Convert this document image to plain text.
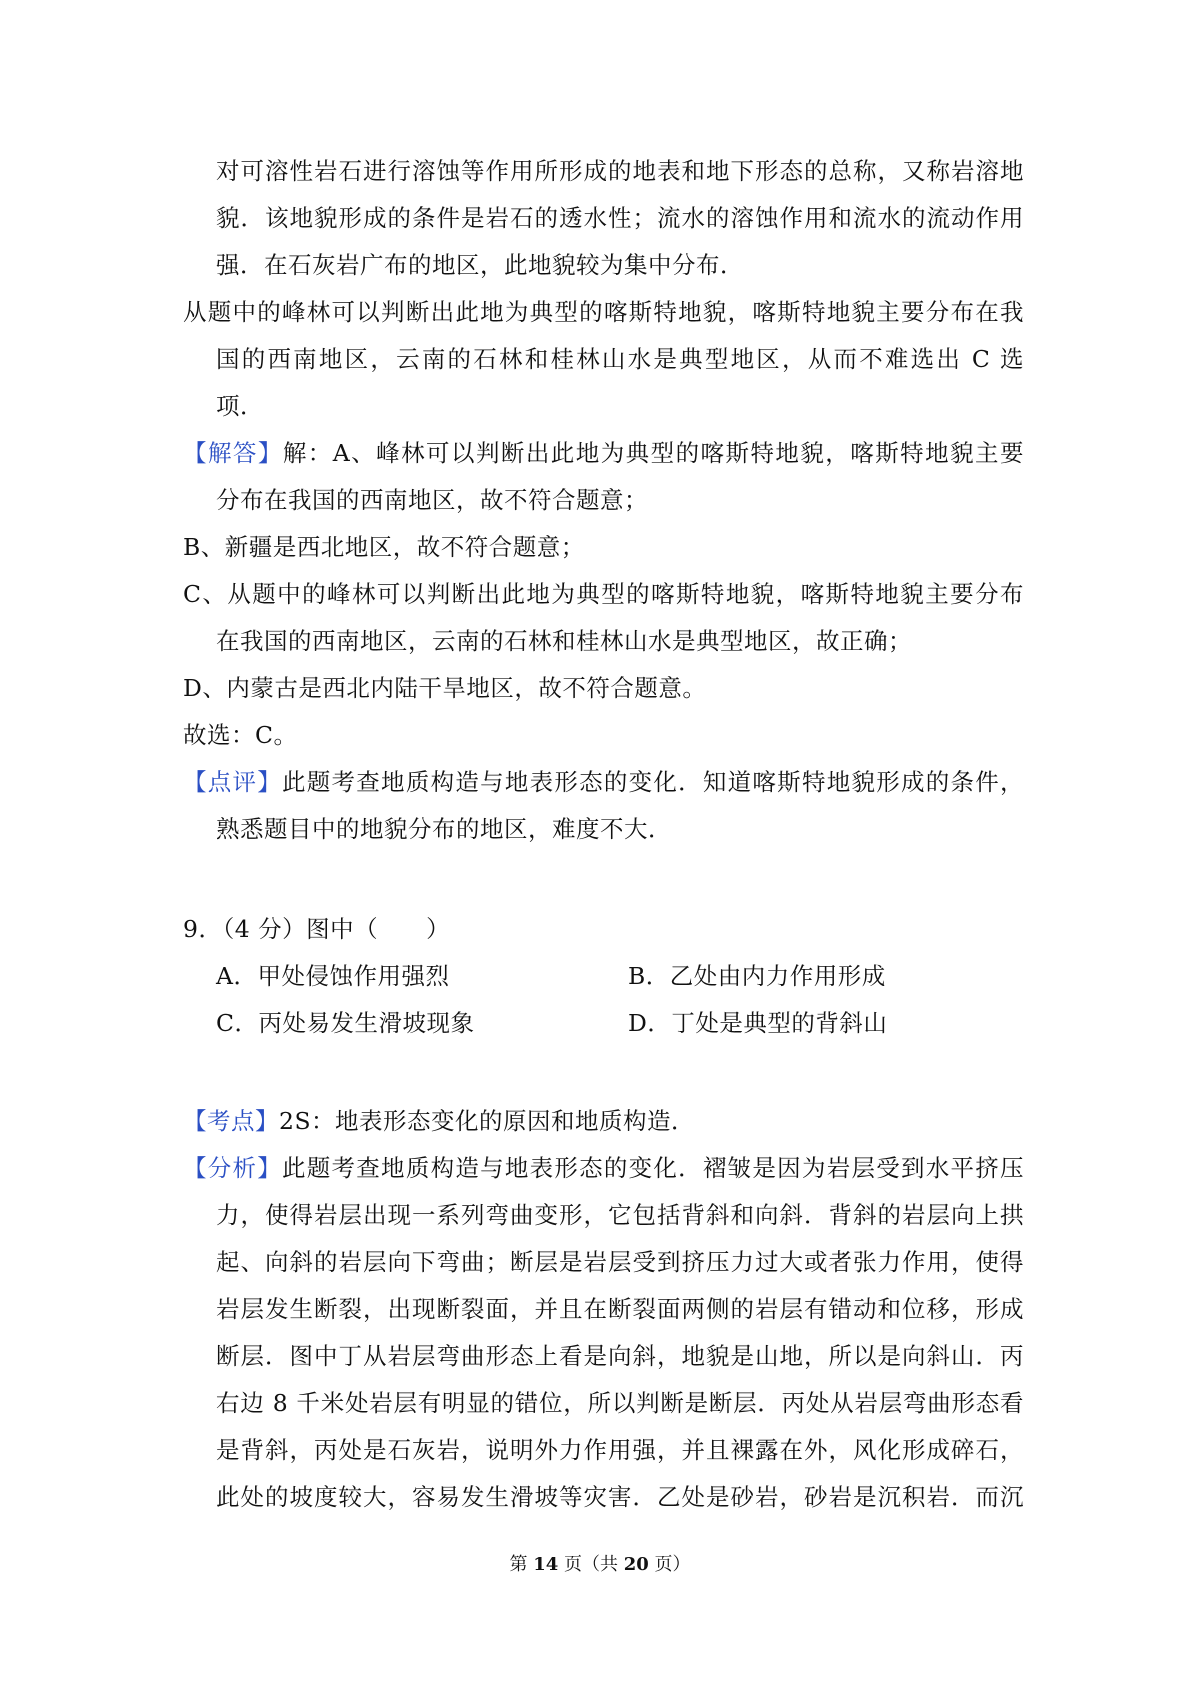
对可溶性岩石进行溶蚀等作用所形成的地表和地下形态的总称，又称岩溶地
貌．该地貌形成的条件是岩石的透水性；流水的溶蚀作用和流水的流动作用
强．在石灰岩广布的地区，此地貌较为集中分布．
从题中的峰林可以判断出此地为典型的喀斯特地貌，喀斯特地貌主要分布在我
国的西南地区，云南的石林和桂林山水是典型地区，从而不难选出 C 选
项．
【解答】解：A、峰林可以判断出此地为典型的喀斯特地貌，喀斯特地貌主要
分布在我国的西南地区，故不符合题意；
B、新疆是西北地区，故不符合题意；
C、从题中的峰林可以判断出此地为典型的喀斯特地貌，喀斯特地貌主要分布
在我国的西南地区，云南的石林和桂林山水是典型地区，故正确；
D、内蒙古是西北内陆干旱地区，故不符合题意。
故选：C。
【点评】此题考查地质构造与地表形态的变化．知道喀斯特地貌形成的条件，
熟悉题目中的地貌分布的地区，难度不大．
9．（4 分）图中（　　）
A．甲处侵蚀作用强烈	B．乙处由内力作用形成
C．丙处易发生滑坡现象	D．丁处是典型的背斜山
【考点】2S：地表形态变化的原因和地质构造．
【分析】此题考查地质构造与地表形态的变化．褶皱是因为岩层受到水平挤压
力，使得岩层出现一系列弯曲变形，它包括背斜和向斜．背斜的岩层向上拱
起、向斜的岩层向下弯曲；断层是岩层受到挤压力过大或者张力作用，使得
岩层发生断裂，出现断裂面，并且在断裂面两侧的岩层有错动和位移，形成
断层．图中丁从岩层弯曲形态上看是向斜，地貌是山地，所以是向斜山．丙
右边 8 千米处岩层有明显的错位，所以判断是断层．丙处从岩层弯曲形态看
是背斜，丙处是石灰岩，说明外力作用强，并且裸露在外，风化形成碎石，
此处的坡度较大，容易发生滑坡等灾害．乙处是砂岩，砂岩是沉积岩．而沉
第 14 页（共 20 页）
